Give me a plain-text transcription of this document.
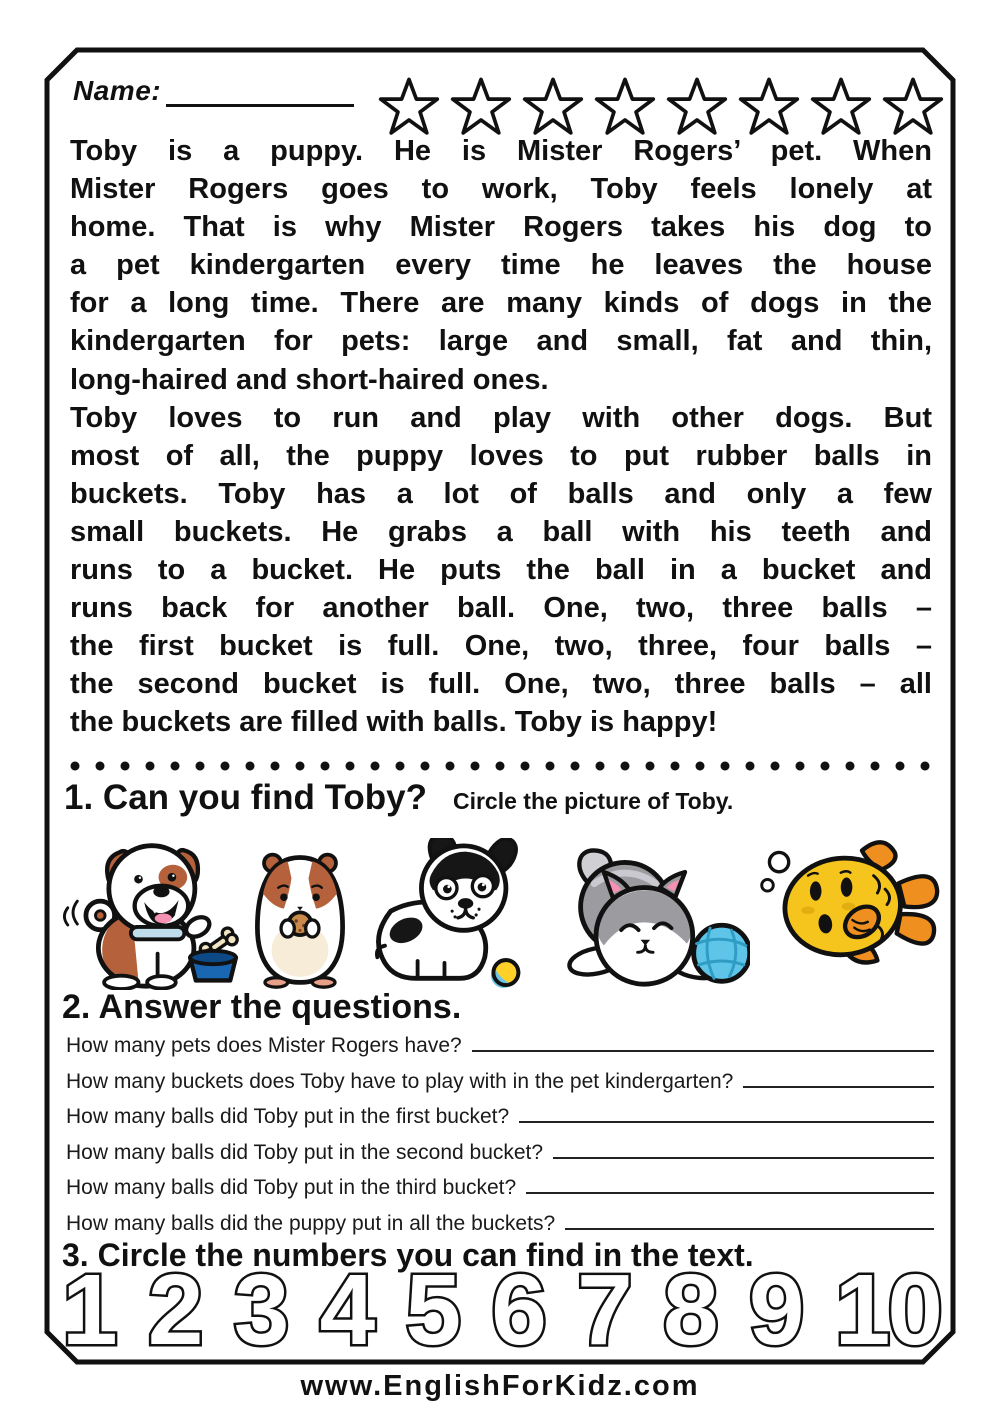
Name:
Toby is a puppy. He is Mister Rogers’ pet. When
Mister Rogers goes to work, Toby feels lonely at
home. That is why Mister Rogers takes his dog to
a pet kindergarten every time he leaves the house
for a long time. There are many kinds of dogs in the
kindergarten for pets: large and small, fat and thin,
long-haired and short-haired ones.
Toby loves to run and play with other dogs. But
most of all, the puppy loves to put rubber balls in
buckets. Toby has a lot of balls and only a few
small buckets. He grabs a ball with his teeth and
runs to a bucket. He puts the ball in a bucket and
runs back for another ball. One, two, three balls –
the first bucket is full. One, two, three, four balls –
the second bucket is full. One, two, three balls – all
the buckets are filled with balls. Toby is happy!
1. Can you find Toby? Circle the picture of Toby.
2. Answer the questions.
How many pets does Mister Rogers have?
How many buckets does Toby have to play with in the pet kindergarten?
How many balls did Toby put in the first bucket?
How many balls did Toby put in the second bucket?
How many balls did Toby put in the third bucket?
How many balls did the puppy put in all the buckets?
3. Circle the numbers you can find in the text.
1 2 3 4 5 6 7 8 9 10
www.EnglishForKidz.com
